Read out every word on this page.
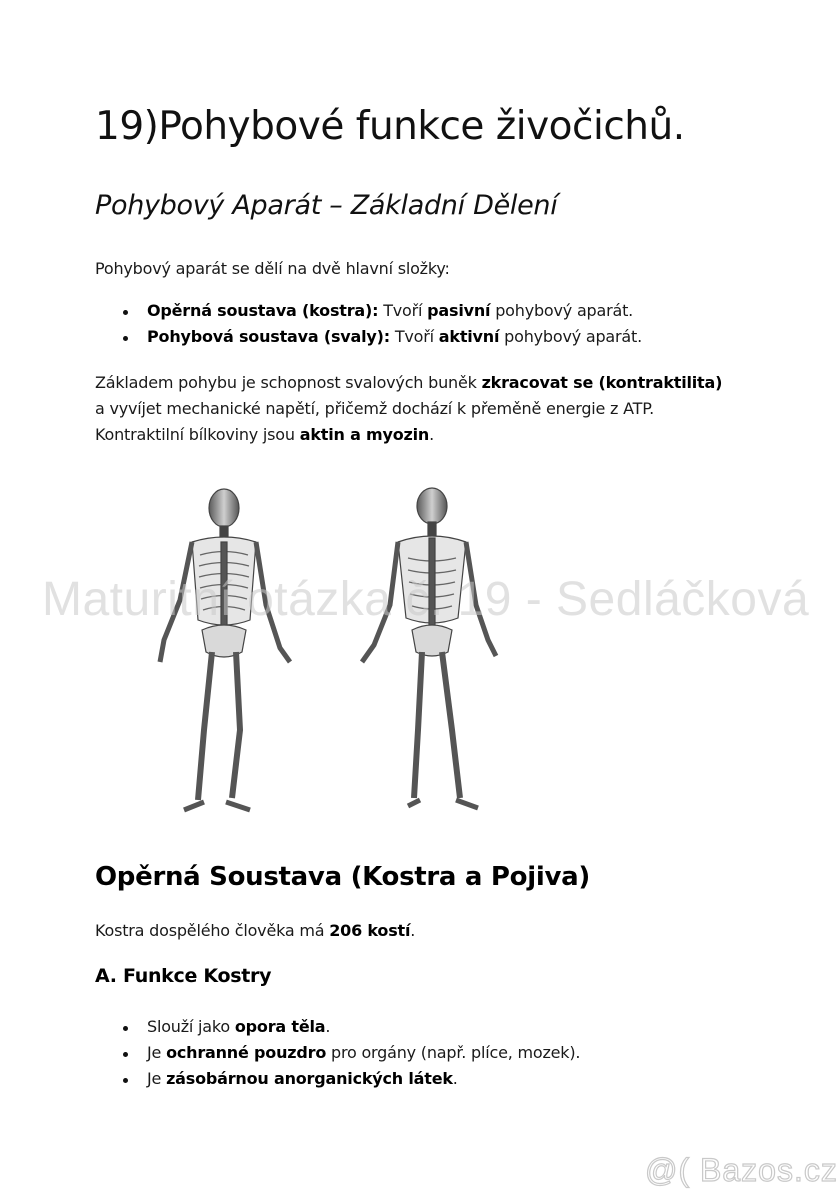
19)Pohybové funkce živočichů.
Pohybový Aparát – Základní Dělení

Pohybový aparát se dělí na dvě hlavní složky:

Opěrná soustava (kostra): Tvoří pasivní pohybový aparát.
Pohybová soustava (svaly): Tvoří aktivní pohybový aparát.

Základem pohybu je schopnost svalových buněk zkracovat se (kontraktilita) a vyvíjet mechanické napětí, přičemž dochází k přeměně energie z ATP. Kontraktilní bílkoviny jsou aktin a myozin.

Maturitní otázka č. 19 - Sedláčková
Opěrná Soustava (Kostra a Pojiva)

Kostra dospělého člověka má 206 kostí.

A. Funkce Kostry
Slouží jako opora těla.
Je ochranné pouzdro pro orgány (např. plíce, mozek).
Je zásobárnou anorganických látek.
@( Bazos.cz
